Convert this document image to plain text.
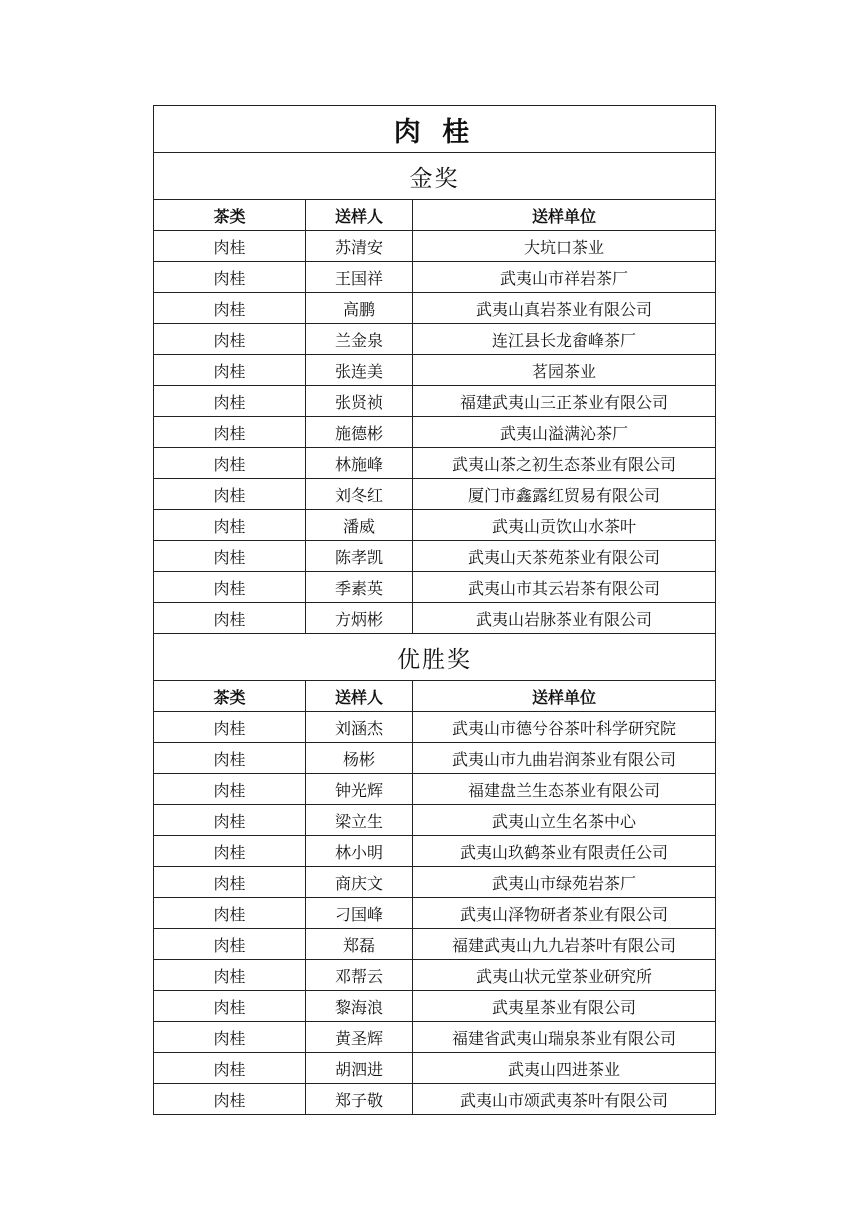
肉 桂		
金奖		
茶类	送样人	送样单位
肉桂	苏清安	大坑口茶业
肉桂	王国祥	武夷山市祥岩茶厂
肉桂	高鹏	武夷山真岩茶业有限公司
肉桂	兰金泉	连江县长龙畲峰茶厂
肉桂	张连美	茗园茶业
肉桂	张贤祯	福建武夷山三正茶业有限公司
肉桂	施德彬	武夷山溢满沁茶厂
肉桂	林施峰	武夷山茶之初生态茶业有限公司
肉桂	刘冬红	厦门市鑫露红贸易有限公司
肉桂	潘威	武夷山贡饮山水茶叶
肉桂	陈孝凯	武夷山天茶苑茶业有限公司
肉桂	季素英	武夷山市其云岩茶有限公司
肉桂	方炳彬	武夷山岩脉茶业有限公司
优胜奖		
茶类	送样人	送样单位
肉桂	刘涵杰	武夷山市德兮谷茶叶科学研究院
肉桂	杨彬	武夷山市九曲岩润茶业有限公司
肉桂	钟光辉	福建盘兰生态茶业有限公司
肉桂	梁立生	武夷山立生名茶中心
肉桂	林小明	武夷山玖鹤茶业有限责任公司
肉桂	商庆文	武夷山市绿苑岩茶厂
肉桂	刁国峰	武夷山泽物研者茶业有限公司
肉桂	郑磊	福建武夷山九九岩茶叶有限公司
肉桂	邓帮云	武夷山状元堂茶业研究所
肉桂	黎海浪	武夷星茶业有限公司
肉桂	黄圣辉	福建省武夷山瑞泉茶业有限公司
肉桂	胡泗进	武夷山四进茶业
肉桂	郑子敬	武夷山市颂武夷茶叶有限公司
